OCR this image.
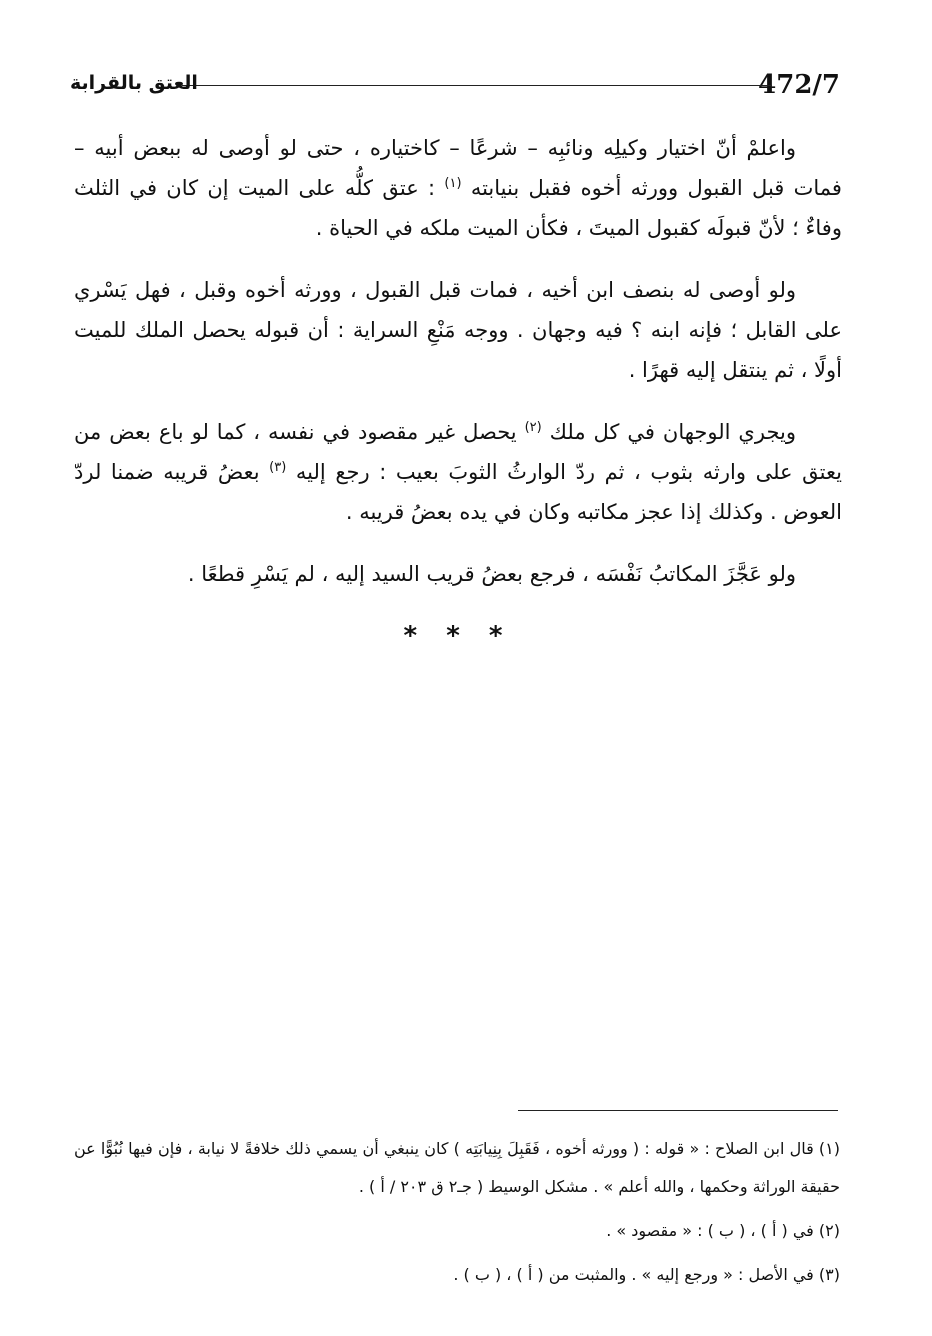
472/7
العتق بالقرابة

واعلمْ أنّ اختيار وكيلِه ونائبِه – شرعًا – كاختياره ، حتى لو أوصى له ببعض أبيه – فمات قبل القبول وورثه أخوه فقبل بنيابته $^{(١)}$ : عتق كلُّه على الميت إن كان في الثلث وفاءٌ ؛ لأنّ قبولَه كقبول الميتَ ، فكأن الميت ملكه في الحياة .

ولو أوصى له بنصف ابن أخيه ، فمات قبل القبول ، وورثه أخوه وقبل ، فهل يَسْري على القابل ؛ فإنه ابنه ؟ فيه وجهان . ووجه مَنْعِ السراية : أن قبوله يحصل الملك للميت أولًا ، ثم ينتقل إليه قهرًا .

ويجري الوجهان في كل ملك $^{(٢)}$ يحصل غير مقصود في نفسه ، كما لو باع بعض من يعتق على وارثه بثوب ، ثم ردّ الوارثُ الثوبَ بعيب : رجع إليه $^{(٣)}$ بعضُ قريبه ضمنا لردّ العوض . وكذلك إذا عجز مكاتبه وكان في يده بعضُ قريبه .

ولو عَجَّزَ المكاتبُ نَفْسَه ، فرجع بعضُ قريب السيد إليه ، لم يَسْرِ قطعًا .

* * *

(١) قال ابن الصلاح : « قوله : ( وورثه أخوه ، فَقَبِلَ بِنِيابَتِه ) كان ينبغي أن يسمي ذلك خلافةً لا نيابة ، فإن فيها نُبُوًّا عن حقيقة الوراثة وحكمها ، والله أعلم » . مشكل الوسيط ( جـ٢ ق ٢٠٣ / أ ) .

(٢) في ( أ ) ، ( ب ) : « مقصود » .

(٣) في الأصل : « ورجع إليه » . والمثبت من ( أ ) ، ( ب ) .
